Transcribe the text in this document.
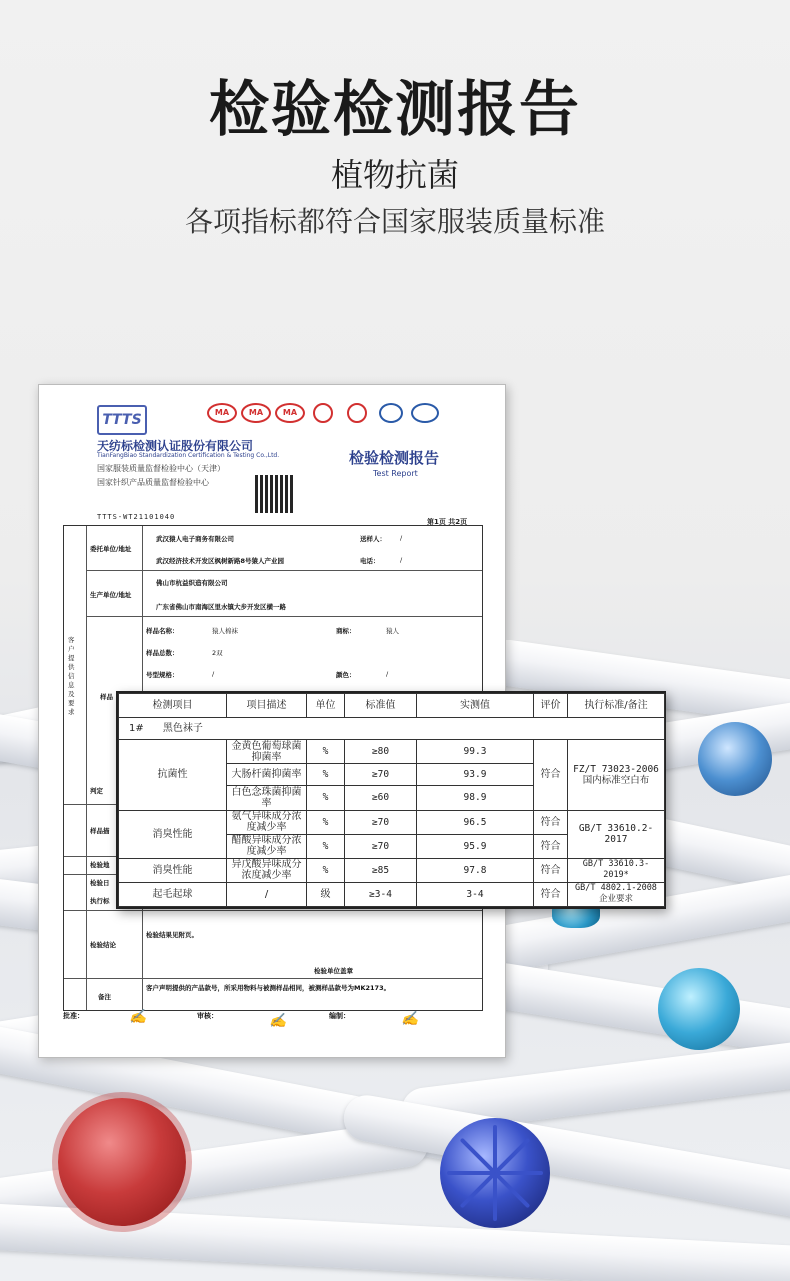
检验检测报告
植物抗菌
各项指标都符合国家服装质量标准
TTTS
天纺标检测认证股份有限公司
TianFangBiao Standardization Certification & Testing Co.,Ltd.
国家服装质量监督检验中心（天津）
国家针织产品质量监督检验中心
TTTS-WT21101040
MA	MA	MA
检验检测报告
Test Report
第1页 共2页
客户提供信息及要求
委托单位/地址
武汉猿人电子商务有限公司
武汉经济技术开发区枫树新路8号猿人产业园
送样人： /
电话：	/
生产单位/地址
佛山市杭益织造有限公司
广东省佛山市南海区里水镇大步开发区横一路
样品
样品名称：	猿人棉袜	商标：	猿人
样品总数：	2双
号型规格：	/	颜色：	/
判定
样品描
检验地
检验日
执行标
检验结论
检验结果见附页。
检验单位盖章
备注
客户声明提供的产品款号，所采用物料与被测样品相同，被测样品款号为MK2173。
批准：	✍	审核：	✍	编制：	✍
检测项目	项目描述	单位	标准值	实测值	评价	执行标准/备注
1# 黑色袜子						
抗菌性	金黄色葡萄球菌抑菌率	%	≥80	99.3	符合	FZ/T 73023-2006 国内标准空白布
	大肠杆菌抑菌率	%	≥70	93.9		
	白色念珠菌抑菌率	%	≥60	98.9		
消臭性能	氨气异味成分浓度减少率	%	≥70	96.5	符合	GB/T 33610.2-2017
	醋酸异味成分浓度减少率	%	≥70	95.9	符合	
消臭性能	异戊酸异味成分浓度减少率	%	≥85	97.8	符合	GB/T 33610.3-2019*
起毛起球	/	级	≥3-4	3-4	符合	GB/T 4802.1-2008 企业要求
